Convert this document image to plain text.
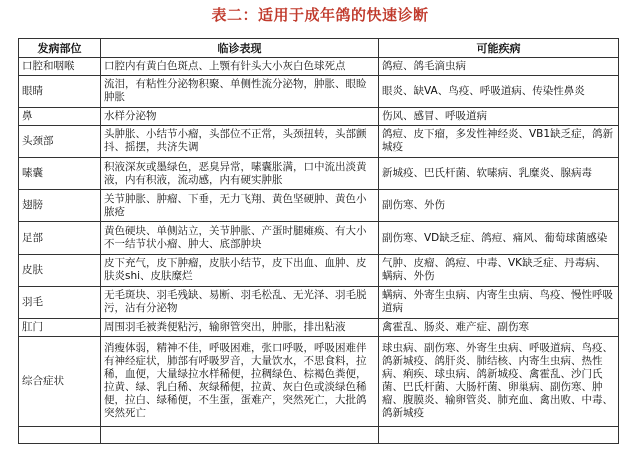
表二：适用于成年鸽的快速诊断
发病部位	临诊表现	可能疾病
口腔和咽喉	口腔内有黄白色斑点、上颚有针头大小灰白色球死点	鸽痘、鸽毛滴虫病
眼睛	流泪，有粘性分泌物积聚、单侧性流分泌物，肿胀、眼睑肿胀	眼炎、缺VA、鸟疫、呼吸道病、传染性鼻炎
鼻	水样分泌物	伤风、感冒、呼吸道病
头颈部	头肿胀、小结节小瘤，头部位不正常，头颈扭转，头部颤抖、摇摆，共济失调	鸽痘、皮下瘤，多发性神经炎、VB1缺乏症，鸽新城疫
嗉囊	积液深灰或墨绿色，恶臭异常，嗉囊胀满，口中流出淡黄液，内有积液，流动感，内有硬实肿胀	新城疫、巴氏杆菌、软嗉病、乳糜炎、腺病毒
翅膀	关节肿胀、肿瘤、下垂，无力飞翔、黄色坚硬肿、黄色小脓疮	副伤寒、外伤
足部	黄色硬块、单侧站立，关节肿胀、产蛋时腿瘫痪、有大小不一结节状小瘤、肿大、底部肿块	副伤寒、VD缺乏症、鸽痘、痛风、葡萄球菌感染
皮肤	皮下充气，皮下肿瘤，皮肤小结节，皮下出血、血肿、皮肤炎shi、皮肤糜烂	气肿、皮瘤、鸽痘、中毒、VK缺乏症、丹毒病、螨病、外伤
羽毛	无毛斑块、羽毛残缺、易断、羽毛松乱、无光泽、羽毛脱污，沾有分泌物	螨病、外寄生虫病、内寄生虫病、鸟疫、慢性呼吸道病
肛门	周围羽毛被粪便粘污，输卵管突出，肿胀，排出粘液	禽霍乱、肠炎、难产症、副伤寒
综合症状	消瘦体弱，精神不佳，呼吸困难，张口呼吸，呼吸困难伴有神经症状，肺部有呼吸罗音，大量饮水，不思食料，拉稀，血便，大量绿拉水样稀便，拉稠绿色、棕褐色粪便，拉黄、绿、乳白稀、灰绿稀便，拉黄、灰白色或淡绿色稀便，拉白、绿稀便，不生蛋，蛋难产，突然死亡，大批鸽突然死亡	球虫病、副伤寒、外寄生虫病、呼吸道病、鸟疫、鸽新城疫、鸽肝炎、肺结核、内寄生虫病、热性病、痢疾、球虫病、鸽新城疫、禽霍乱、沙门氏菌、巴氏杆菌、大肠杆菌、卵巢病、副伤寒、肿瘤、腹膜炎、输卵管炎、肺充血、禽出败、中毒、鸽新城疫
